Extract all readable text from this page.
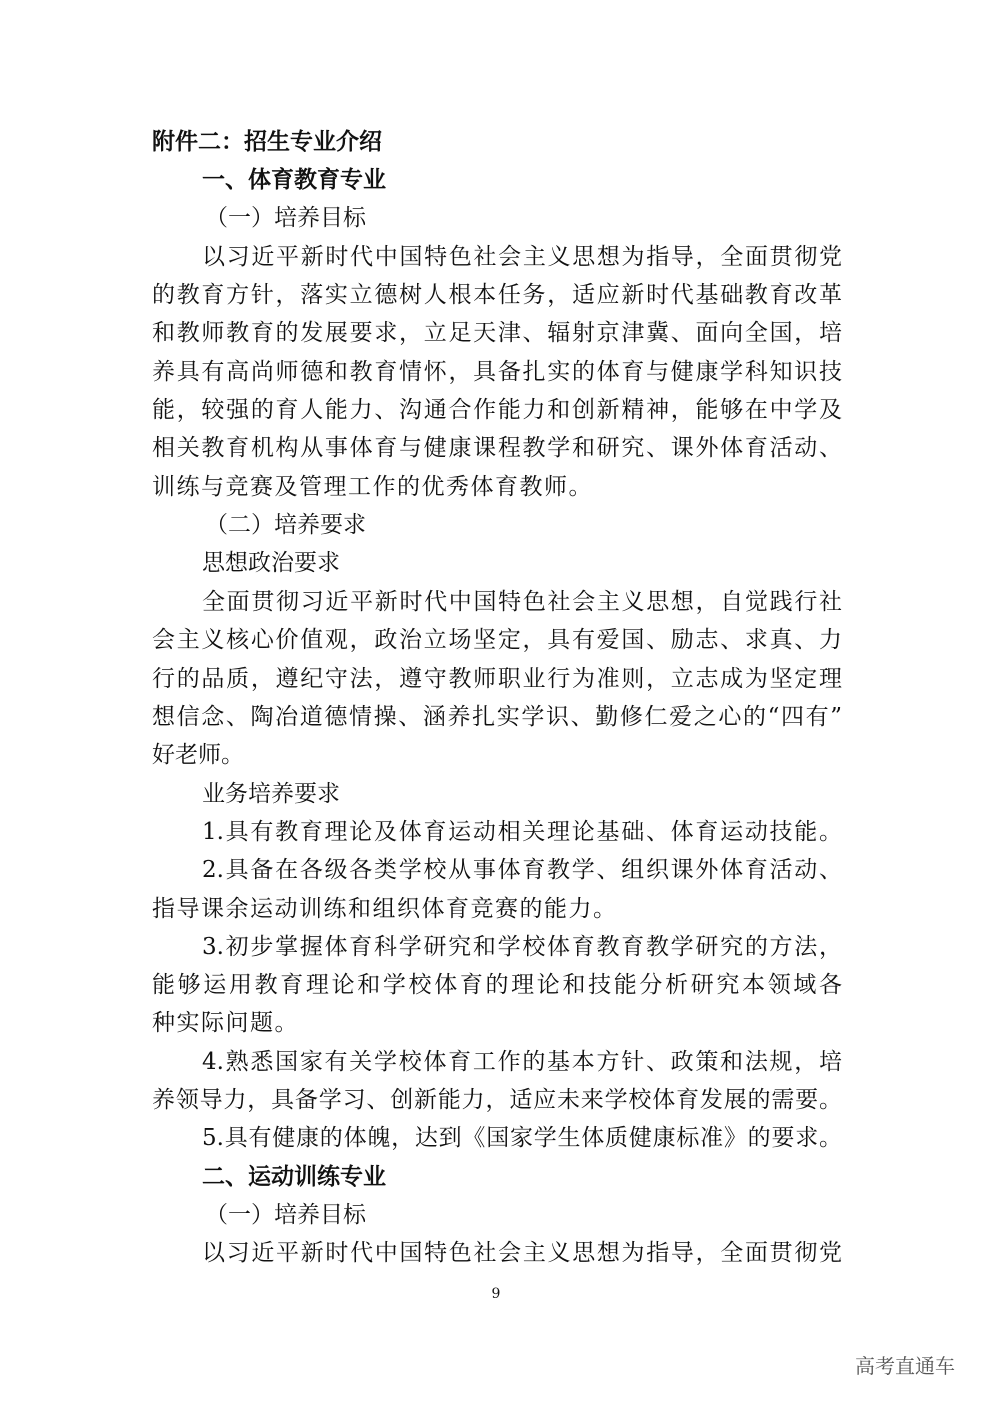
附件二：招生专业介绍
一、体育教育专业
（一）培养目标
以习近平新时代中国特色社会主义思想为指导，全面贯彻党
的教育方针，落实立德树人根本任务，适应新时代基础教育改革
和教师教育的发展要求，立足天津、辐射京津冀、面向全国，培
养具有高尚师德和教育情怀，具备扎实的体育与健康学科知识技
能，较强的育人能力、沟通合作能力和创新精神，能够在中学及
相关教育机构从事体育与健康课程教学和研究、课外体育活动、
训练与竞赛及管理工作的优秀体育教师。
（二）培养要求
思想政治要求
全面贯彻习近平新时代中国特色社会主义思想，自觉践行社
会主义核心价值观，政治立场坚定，具有爱国、励志、求真、力
行的品质，遵纪守法，遵守教师职业行为准则，立志成为坚定理
想信念、陶冶道德情操、涵养扎实学识、勤修仁爱之心的“四有”
好老师。
业务培养要求
1.具有教育理论及体育运动相关理论基础、体育运动技能。
2.具备在各级各类学校从事体育教学、组织课外体育活动、
指导课余运动训练和组织体育竞赛的能力。
3.初步掌握体育科学研究和学校体育教育教学研究的方法，
能够运用教育理论和学校体育的理论和技能分析研究本领域各
种实际问题。
4.熟悉国家有关学校体育工作的基本方针、政策和法规，培
养领导力，具备学习、创新能力，适应未来学校体育发展的需要。
5.具有健康的体魄，达到《国家学生体质健康标准》的要求。
二、运动训练专业
（一）培养目标
以习近平新时代中国特色社会主义思想为指导，全面贯彻党
9
高考直通车
